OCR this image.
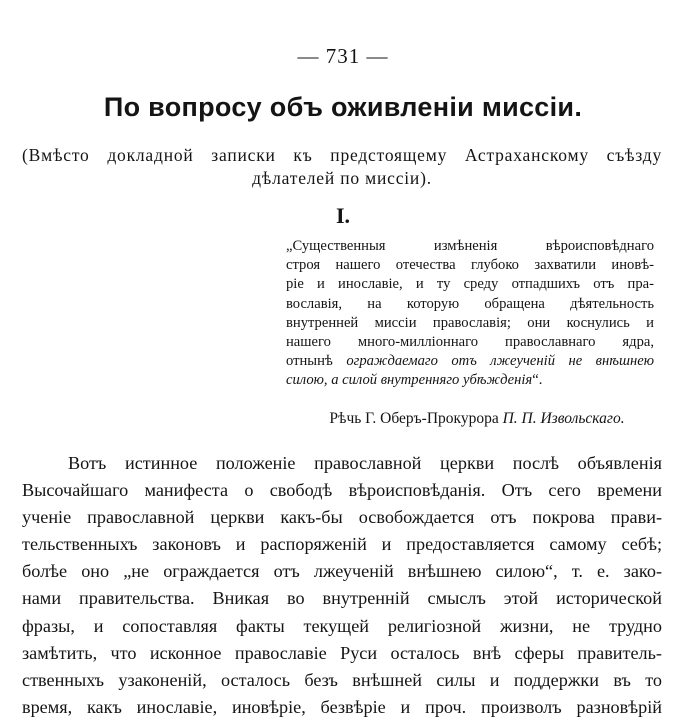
— 731 —
По вопросу объ оживленіи миссіи.
(Вмѣсто докладной записки къ предстоящему Астраханскому съѣзду
дѣлателей по миссіи).
I.
„Существенныя измѣненія вѣроисповѣднаго
строя нашего отечества глубоко захватили иновѣ-
ріе и инославіе, и ту среду отпадшихъ отъ пра-
вославія, на которую обращена дѣятельность
внутренней миссіи православія; они коснулись и
нашего много-милліоннаго православнаго ядра,
отнынѣ ограждаемаго отъ лжеученій не внѣшнею
силою, а силой внутренняго убѣжденія“.
Рѣчь Г. Оберъ-Прокурора П. П. Извольскаго.
Вотъ истинное положеніе православной церкви послѣ объявленія
Высочайшаго манифеста о свободѣ вѣроисповѣданія. Отъ сего времени
ученіе православной церкви какъ-бы освобождается отъ покрова прави-
тельственныхъ законовъ и распоряженій и предоставляется самому себѣ;
болѣе оно „не ограждается отъ лжеученій внѣшнею силою“, т. е. зако-
нами правительства. Вникая во внутренній смыслъ этой исторической
фразы, и сопоставляя факты текущей религіозной жизни, не трудно
замѣтить, что исконное православіе Руси осталось внѣ сферы правитель-
ственныхъ узаконеній, осталось безъ внѣшней силы и поддержки въ то
время, какъ инославіе, иновѣріе, безвѣріе и проч. произволъ разновѣрій
